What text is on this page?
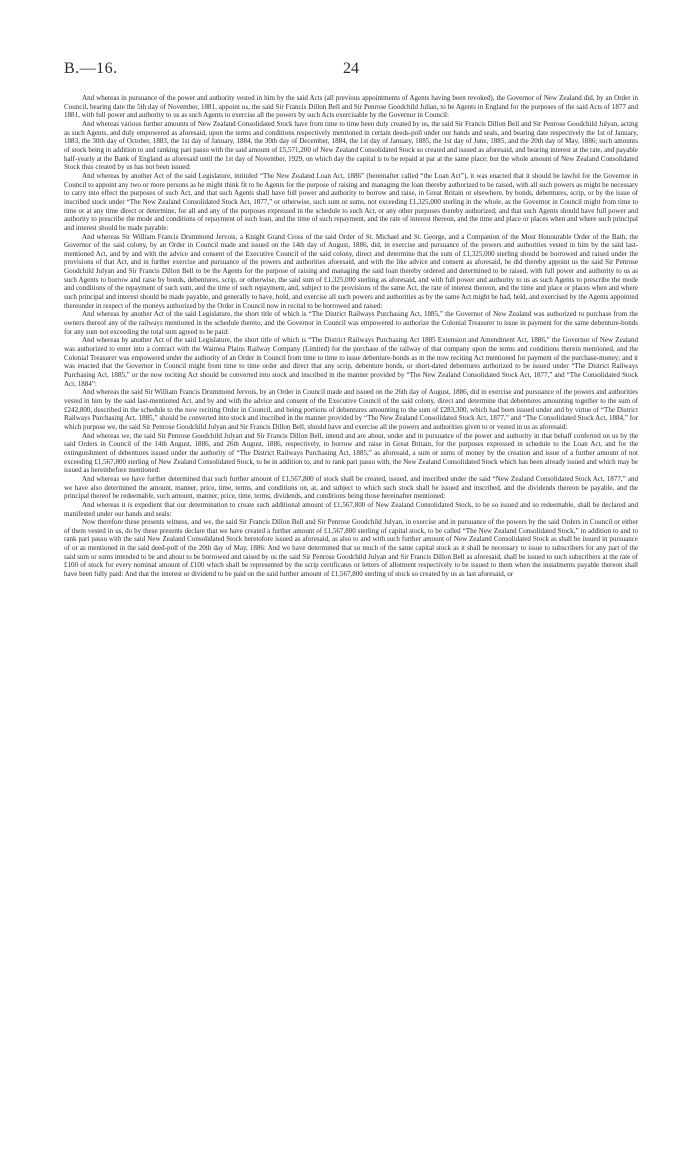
B.—16.	24

And whereas in pursuance of the power and authority vested in him by the said Acts (all previous appointments of Agents having been revoked), the Governor of New Zealand did, by an Order in Council, bearing date the 5th day of November, 1881, appoint us, the said Sir Francis Dillon Bell and Sir Penrose Goodchild Julian, to be Agents in England for the purposes of the said Acts of 1877 and 1881, with full power and authority to us as such Agents to exercise all the powers by such Acts exercisable by the Governor in Council:

And whereas various further amounts of New Zealand Consolidated Stock have from time to time been duly created by us, the said Sir Francis Dillon Bell and Sir Penrose Goodchild Julyan, acting as such Agents, and duly empowered as aforesaid, upon the terms and conditions respectively mentioned in certain deeds-poll under our hands and seals, and bearing date respectively the 1st of January, 1883, the 30th day of October, 1883, the 1st day of January, 1884, the 30th day of December, 1884, the 1st day of January, 1885, the 1st day of June, 1885, and the 20th day of May, 1886; such amounts of stock being in addition to and ranking pari passu with the said amount of £5,571,200 of New Zealand Consolidated Stock so created and issued as aforesaid, and bearing interest at the rate, and payable half-yearly at the Bank of England as aforesaid until the 1st day of November, 1929, on which day the capital is to be repaid at par at the same place; but the whole amount of New Zealand Consolidated Stock thus created by us has not been issued:

And whereas by another Act of the said Legislature, intituled “The New Zealand Loan Act, 1886” (hereinafter called “the Loan Act”), it was enacted that it should be lawful for the Governor in Council to appoint any two or more persons as he might think fit to be Agents for the purpose of raising and managing the loan thereby authorized to be raised, with all such powers as might be necessary to carry into effect the purposes of such Act, and that such Agents shall have full power and authority to borrow and raise, in Great Britain or elsewhere, by bonds, debentures, scrip, or by the issue of inscribed stock under “The New Zealand Consolidated Stock Act, 1877,” or otherwise, such sum or sums, not exceeding £1,325,000 sterling in the whole, as the Governor in Council might from time to time or at any time direct or determine, for all and any of the purposes expressed in the schedule to such Act, or any other purposes thereby authorized; and that such Agents should have full power and authority to prescribe the mode and conditions of repayment of such loan, and the time of such repayment, and the rate of interest thereon, and the time and place or places when and where such principal and interest should be made payable:

And whereas Sir William Francis Drummond Jervois, a Knight Grand Cross of the said Order of St. Michael and St. George, and a Companion of the Most Honourable Order of the Bath, the Governor of the said colony, by an Order in Council made and issued on the 14th day of August, 1886, did, in exercise and pursuance of the powers and authorities vested in him by the said last-mentioned Act, and by and with the advice and consent of the Executive Council of the said colony, direct and determine that the sum of £1,325,000 sterling should be borrowed and raised under the provisions of that Act, and in further exercise and pursuance of the powers and authorities aforesaid, and with the like advice and consent as aforesaid, he did thereby appoint us the said Sir Penrose Goodchild Julyan and Sir Francis Dillon Bell to be the Agents for the purpose of raising and managing the said loan thereby ordered and determined to be raised, with full power and authority to us as such Agents to borrow and raise by bonds, debentures, scrip, or otherwise, the said sum of £1,325,000 sterling as aforesaid, and with full power and authority to us as such Agents to prescribe the mode and conditions of the repayment of such sum, and the time of such repayment, and, subject to the provisions of the same Act, the rate of interest thereon, and the time and place or places when and where such principal and interest should be made payable, and generally to have, hold, and exercise all such powers and authorities as by the same Act might be had, held, and exercised by the Agents appointed thereunder in respect of the moneys authorized by the Order in Council now in recital to be borrowed and raised:

And whereas by another Act of the said Legislature, the short title of which is “The District Railways Purchasing Act, 1885,” the Governor of New Zealand was authorized to purchase from the owners thereof any of the railways mentioned in the schedule thereto, and the Governor in Council was empowered to authorize the Colonial Treasurer to issue in payment for the same debenture-bonds for any sum not exceeding the total sum agreed to be paid:

And whereas by another Act of the said Legislature, the short title of which is “The District Railways Purchasing Act 1885 Extension and Amendment Act, 1886,” the Governor of New Zealand was authorized to enter into a contract with the Waimea Plains Railway Company (Limited) for the purchase of the railway of that company upon the terms and conditions therein mentioned, and the Colonial Treasurer was empowered under the authority of an Order in Council from time to time to issue debenture-bonds as in the now reciting Act mentioned for payment of the purchase-money; and it was enacted that the Governor in Council might from time to time order and direct that any scrip, debenture bonds, or short-dated debentures authorized to be issued under “The District Railways Purchasing Act, 1885,” or the now reciting Act should be converted into stock and inscribed in the manner provided by “The New Zealand Consolidated Stock Act, 1877,” and “The Consolidated Stock Act, 1884”:

And whereas the said Sir William Francis Drummond Jervois, by an Order in Council made and issued on the 26th day of August, 1886, did in exercise and pursuance of the powers and authorities vested in him by the said last-mentioned Act, and by and with the advice and consent of the Executive Council of the said colony, direct and determine that debentures amounting together to the sum of £242,800, described in the schedule to the now reciting Order in Council, and being portions of debentures amounting to the sum of £283,300, which had been issued under and by virtue of “The District Railways Purchasing Act, 1885,” should be converted into stock and inscribed in the manner provided by “The New Zealand Consolidated Stock Act, 1877,” and “The Consolidated Stock Act, 1884,” for which purpose we, the said Sir Penrose Goodchild Julyan and Sir Francis Dillon Bell, should have and exercise all the powers and authorities given to or vested in us as aforesaid:

And whereas we, the said Sir Penrose Goodchild Julyan and Sir Francis Dillon Bell, intend and are about, under and in pursuance of the power and authority in that behalf conferred on us by the said Orders in Council of the 14th August, 1886, and 26th August, 1886, respectively, to borrow and raise in Great Britain, for the purposes expressed in schedule to the Loan Act, and for the extinguishment of debentures issued under the authority of “The District Railways Purchasing Act, 1885,” as aforesaid, a sum or sums of money by the creation and issue of a further amount of not exceeding £1,567,800 sterling of New Zealand Consolidated Stock, to be in addition to, and to rank pari passu with, the New Zealand Consolidated Stock which has been already issued and which may be issued as hereinbefore mentioned:

And whereas we have further determined that such further amount of £1,567,800 of stock shall be created, issued, and inscribed under the said “New Zealand Consolidated Stock Act, 1877,” and we have also determined the amount, manner, price, time, terms, and conditions on, at, and subject to which such stock shall be issued and inscribed, and the dividends thereon be payable, and the principal thereof be redeemable, such amount, manner, price, time, terms, dividends, and conditions being those hereinafter mentioned:

And whereas it is expedient that our determination to create such additional amount of £1,567,800 of New Zealand Consolidated Stock, to be so issued and so redeemable, shall be declared and manifested under our hands and seals:

Now therefore these presents witness, and we, the said Sir Francis Dillon Bell and Sir Penrose Goodchild Julyan, in exercise and in pursuance of the powers by the said Orders in Council or either of them vested in us, do by these presents declare that we have created a further amount of £1,567,800 sterling of capital stock, to be called “The New Zealand Consolidated Stock,” in addition to and to rank pari passu with the said New Zealand Consolidated Stock heretofore issued as aforesaid, as also to and with such further amount of New Zealand Consolidated Stock as shall be issued in pursuance of or as mentioned in the said deed-poll of the 20th day of May, 1886: And we have determined that so much of the same capital stock as it shall be necessary to issue to subscribers for any part of the said sum or sums intended to be and about to be borrowed and raised by us the said Sir Penrose Goodchild Julyan and Sir Francis Dillon Bell as aforesaid, shall be issued to such subscribers at the rate of £100 of stock for every nominal amount of £100 which shall be represented by the scrip certificates or letters of allotment respectively to be issued to them when the instalments payable thereon shall have been fully paid: And that the interest or dividend to be paid on the said further amount of £1,567,800 sterling of stock so created by us as last aforesaid, or
